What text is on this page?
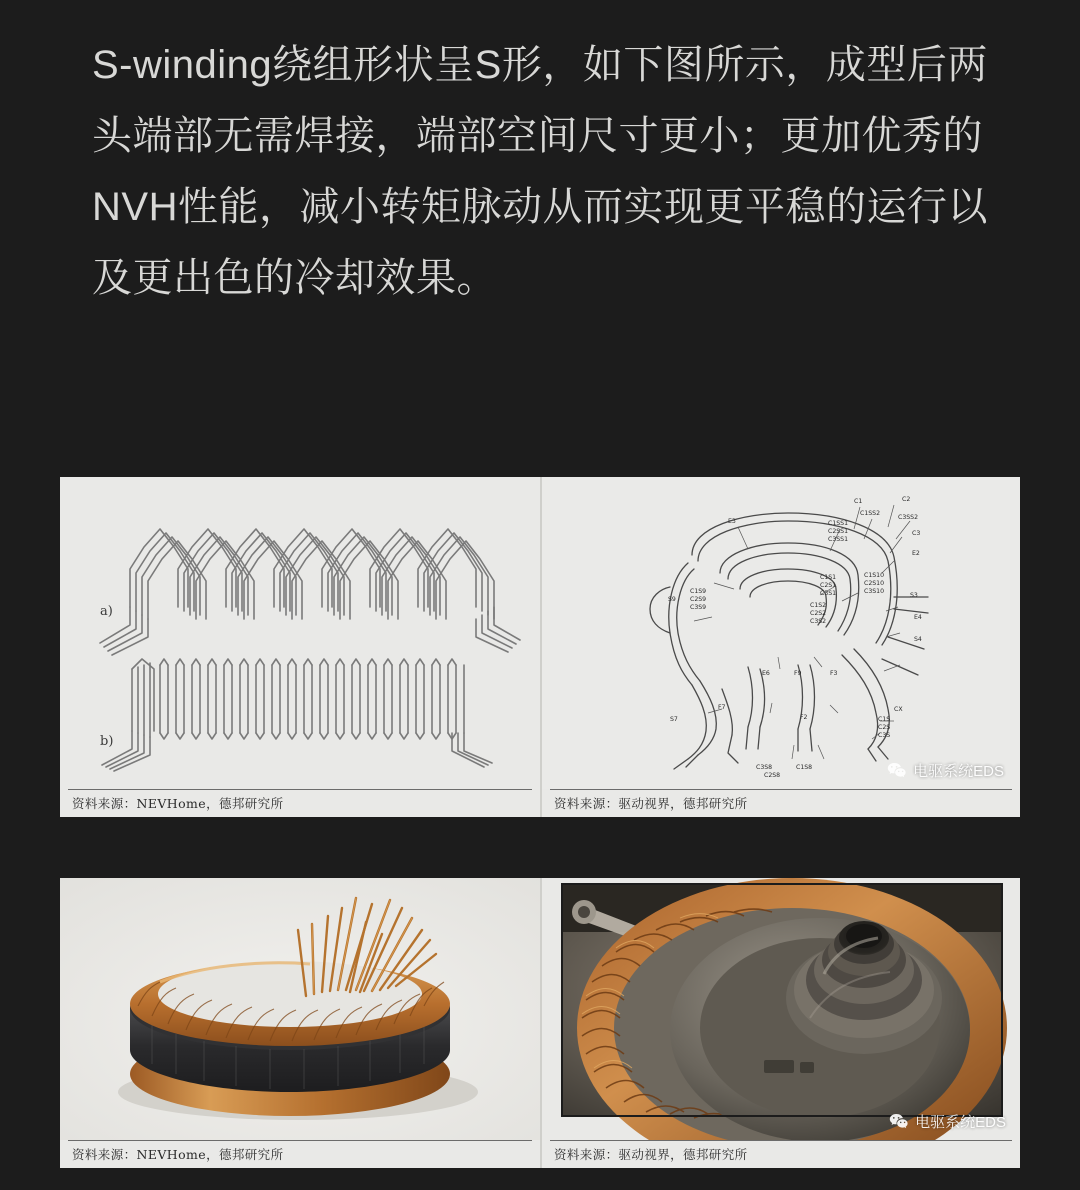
S-winding绕组形状呈S形，如下图所示，成型后两头端部无需焊接，端部空间尺寸更小；更加优秀的NVH性能，减小转矩脉动从而实现更平稳的运行以及更出色的冷却效果。
a)
b)
资料来源：NEVHome，德邦研究所
C1	C2
C1SS2
C3SS2
C1SS1
C2SS1
C3SS1
C3
E3
E2
C1S1
C2S1
C3S1
C1S10
C2S10
C3S10
C1S9
C2S9
C3S9	C1S2
C2S2
C3S2
S9
S3
E4
S4
E6	F9	F3
S7
F7
F2	C1S
C2S
C3S
CX
C3S8	C1S8
C2S8	电驱系统EDS
资料来源：驱动视界，德邦研究所
资料来源：NEVHome，德邦研究所
电驱系统EDS
资料来源：驱动视界，德邦研究所
